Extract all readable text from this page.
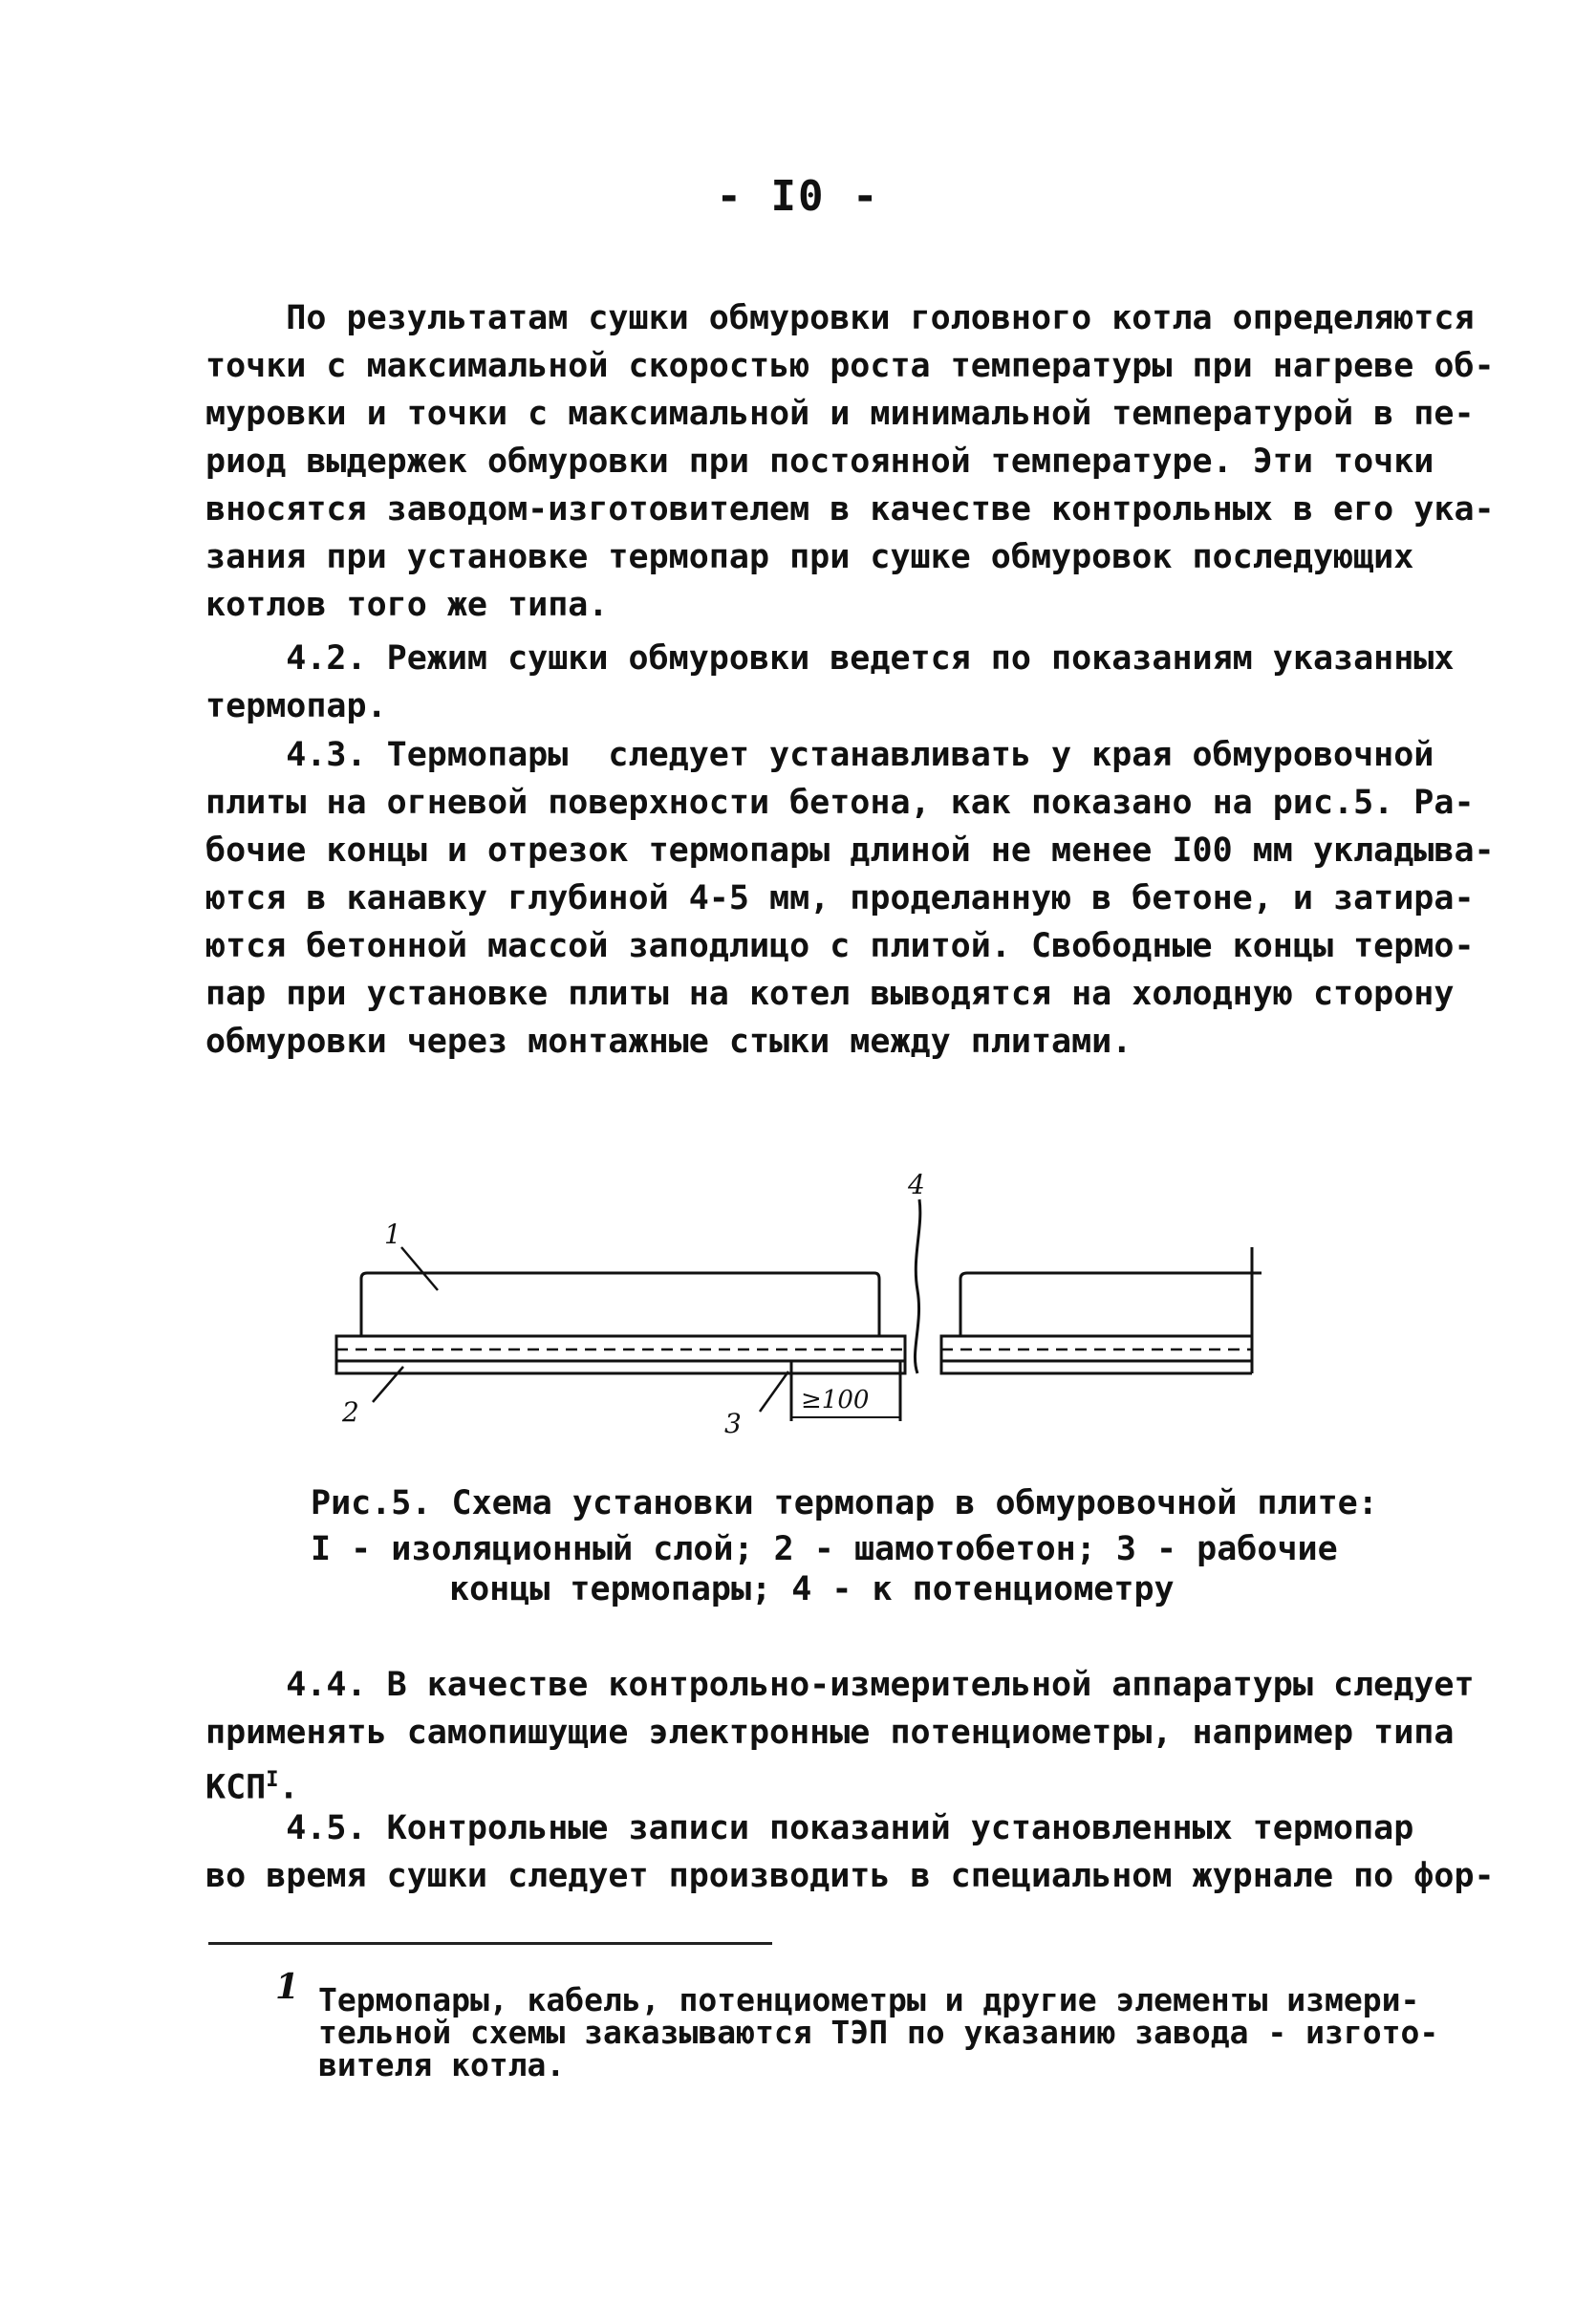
- I0 -
По результатам сушки обмуровки головного котла определяются
точки с максимальной скоростью роста температуры при нагреве об-
муровки и точки с максимальной и минимальной температурой в пе-
риод выдержек обмуровки при постоянной температуре. Эти точки
вносятся заводом-изготовителем в качестве контрольных в его ука-
зания при установке термопар при сушке обмуровок последующих
котлов того же типа.
4.2. Режим сушки обмуровки ведется по показаниям указанных
термопар.
4.3. Термопары  следует устанавливать у края обмуровочной
плиты на огневой поверхности бетона, как показано на рис.5. Ра-
бочие концы и отрезок термопары длиной не менее I00 мм укладыва-
ются в канавку глубиной 4-5 мм, проделанную в бетоне, и затира-
ются бетонной массой заподлицо с плитой. Свободные концы термо-
пар при установке плиты на котел выводятся на холодную сторону
обмуровки через монтажные стыки между плитами.
1
2	3
4
≥100
Рис.5. Схема установки термопар в обмуровочной плите:
I - изоляционный слой; 2 - шамотобетон; 3 - рабочие
концы термопары; 4 - к потенциометру
4.4. В качестве контрольно-измерительной аппаратуры следует
применять самопишущие электронные потенциометры, например типа
$КСП^I$.
4.5. Контрольные записи показаний установленных термопар
во время сушки следует производить в специальном журнале по фор-
1 Термопары, кабель, потенциометры и другие элементы измери-
тельной схемы заказываются ТЭП по указанию завода - изгото-
вителя котла.
